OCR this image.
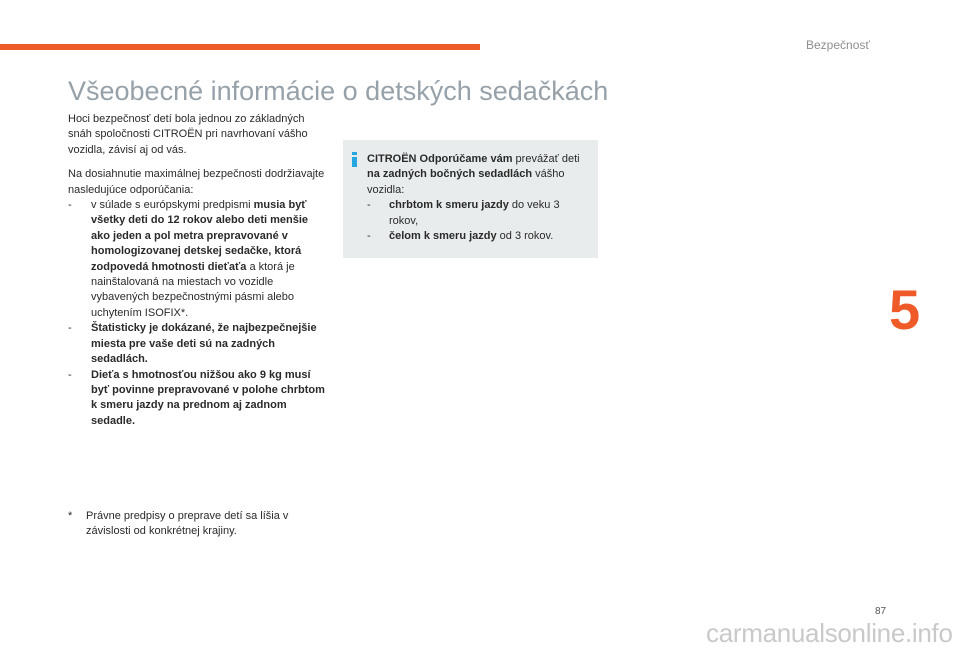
Bezpečnosť
Všeobecné informácie o detských sedačkách

Hoci bezpečnosť detí bola jednou zo základných snáh spoločnosti CITROËN pri navrhovaní vášho vozidla, závisí aj od vás.

Na dosiahnutie maximálnej bezpečnosti dodržiavajte nasledujúce odporúčania:

- v súlade s európskymi predpismi musia byť všetky deti do 12 rokov alebo deti menšie ako jeden a pol metra prepravované v homologizovanej detskej sedačke, ktorá zodpovedá hmotnosti dieťaťa a ktorá je nainštalovaná na miestach vo vozidle vybavených bezpečnostnými pásmi alebo uchytením ISOFIX*.
- Štatisticky je dokázané, že najbezpečnejšie miesta pre vaše deti sú na zadných sedadlách.
- Dieťa s hmotnosťou nižšou ako 9 kg musí byť povinne prepravované v polohe chrbtom k smeru jazdy na prednom aj zadnom sedadle.
*	Právne predpisy o preprave detí sa líšia v závislosti od konkrétnej krajiny.

CITROËN Odporúčame vám prevážať deti na zadných bočných sedadlách vášho vozidla:

- chrbtom k smeru jazdy do veku 3 rokov,
- čelom k smeru jazdy od 3 rokov.
5
87
carmanualsonline.info
